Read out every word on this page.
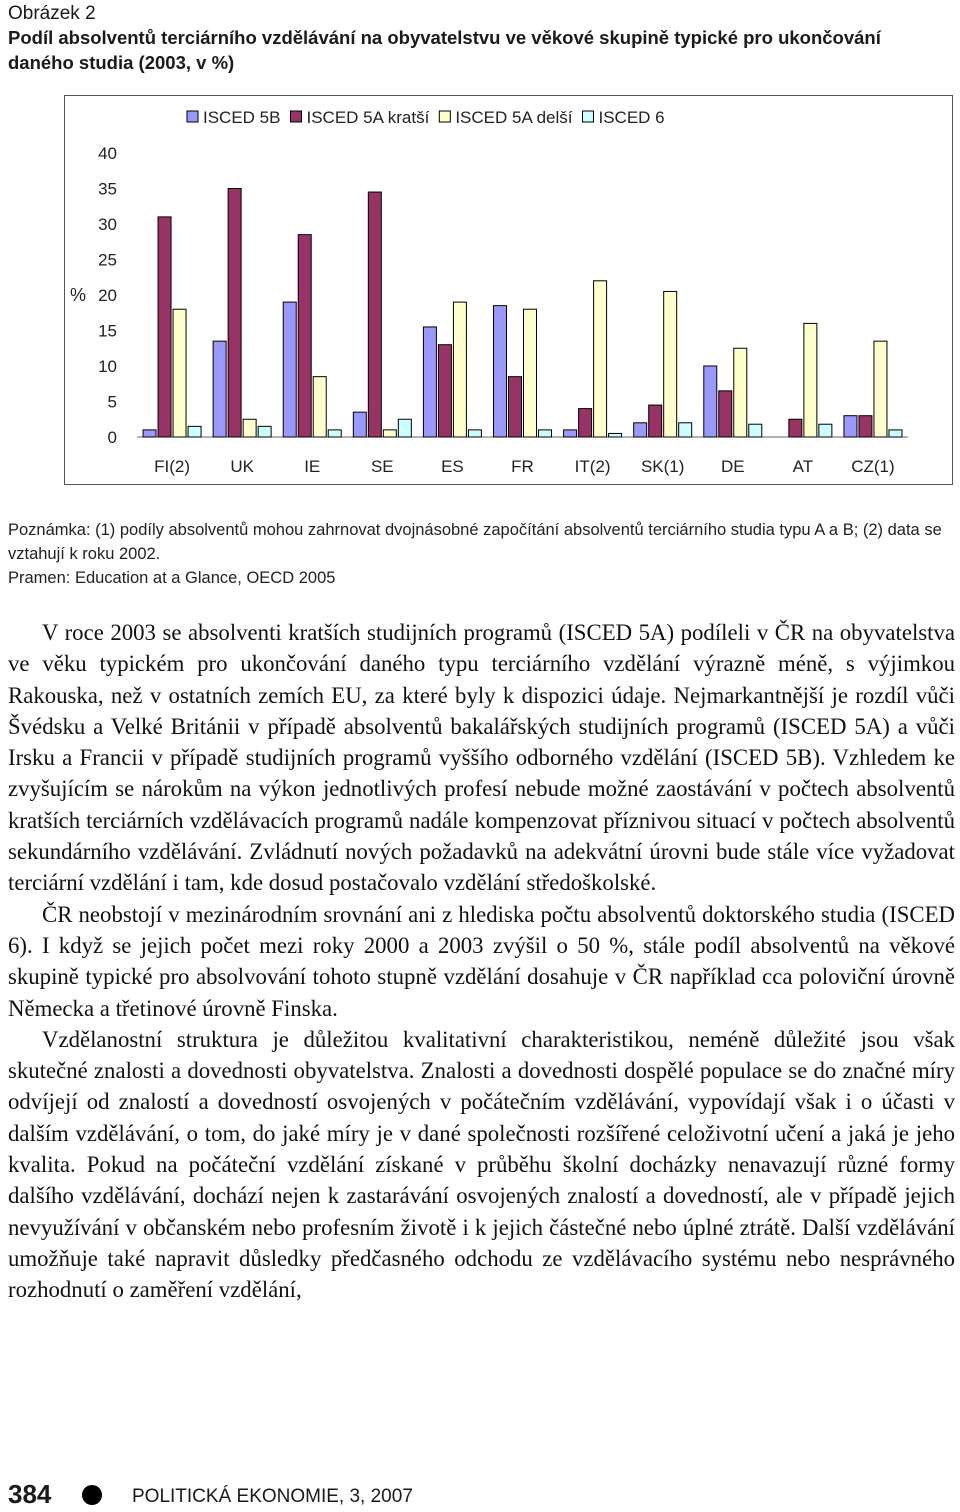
Obrázek 2
Podíl absolventů terciárního vzdělávání na obyvatelstvu ve věkové skupině typické pro ukončování daného studia (2003, v %)
0
5
10
15
20
25
30
35
40
%
FI(2) UK	IE	SE	ES	FR IT(2) SK(1) DE	AT CZ(1)
ISCED 5B ISCED 5A kratší ISCED 5A delší ISCED 6
Poznámka: (1) podíly absolventů mohou zahrnovat dvojnásobné započítání absolventů terciárního studia typu A a B; (2) data se vztahují k roku 2002.
Pramen: Education at a Glance, OECD 2005

V roce 2003 se absolventi kratších studijních programů (ISCED 5A) podíleli v ČR na obyvatelstva ve věku typickém pro ukončování daného typu terciárního vzdělání výrazně méně, s výjimkou Rakouska, než v ostatních zemích EU, za které byly k dispozici údaje. Nejmarkantnější je rozdíl vůči Švédsku a Velké Británii v případě absolventů bakalářských studijních programů (ISCED 5A) a vůči Irsku a Francii v případě studijních programů vyššího odborného vzdělání (ISCED 5B). Vzhledem ke zvyšujícím se nárokům na výkon jednotlivých profesí nebude možné zaostávání v počtech absolventů kratších terciárních vzdělávacích programů nadále kompenzovat příznivou situací v počtech absolventů sekundárního vzdělávání. Zvládnutí nových požadavků na adekvátní úrovni bude stále více vyžadovat terciární vzdělání i tam, kde dosud postačovalo vzdělání středoškolské.

ČR neobstojí v mezinárodním srovnání ani z hlediska počtu absolventů doktorského studia (ISCED 6). I když se jejich počet mezi roky 2000 a 2003 zvýšil o 50 %, stále podíl absolventů na věkové skupině typické pro absolvování tohoto stupně vzdělání dosahuje v ČR například cca poloviční úrovně Německa a třetinové úrovně Finska.

Vzdělanostní struktura je důležitou kvalitativní charakteristikou, neméně důležité jsou však skutečné znalosti a dovednosti obyvatelstva. Znalosti a dovednosti dospělé populace se do značné míry odvíjejí od znalostí a dovedností osvojených v počátečním vzdělávání, vypovídají však i o účasti v dalším vzdělávání, o tom, do jaké míry je v dané společnosti rozšířené celoživotní učení a jaká je jeho kvalita. Pokud na počáteční vzdělání získané v průběhu školní docházky nenavazují různé formy dalšího vzdělávání, dochází nejen k zastarávání osvojených znalostí a dovedností, ale v případě jejich nevyužívání v občanském nebo profesním životě i k jejich částečné nebo úplné ztrátě. Další vzdělávání umožňuje také napravit důsledky předčasného odchodu ze vzdělávacího systému nebo nesprávného rozhodnutí o zaměření vzdělání,

384	POLITICKÁ EKONOMIE, 3, 2007
